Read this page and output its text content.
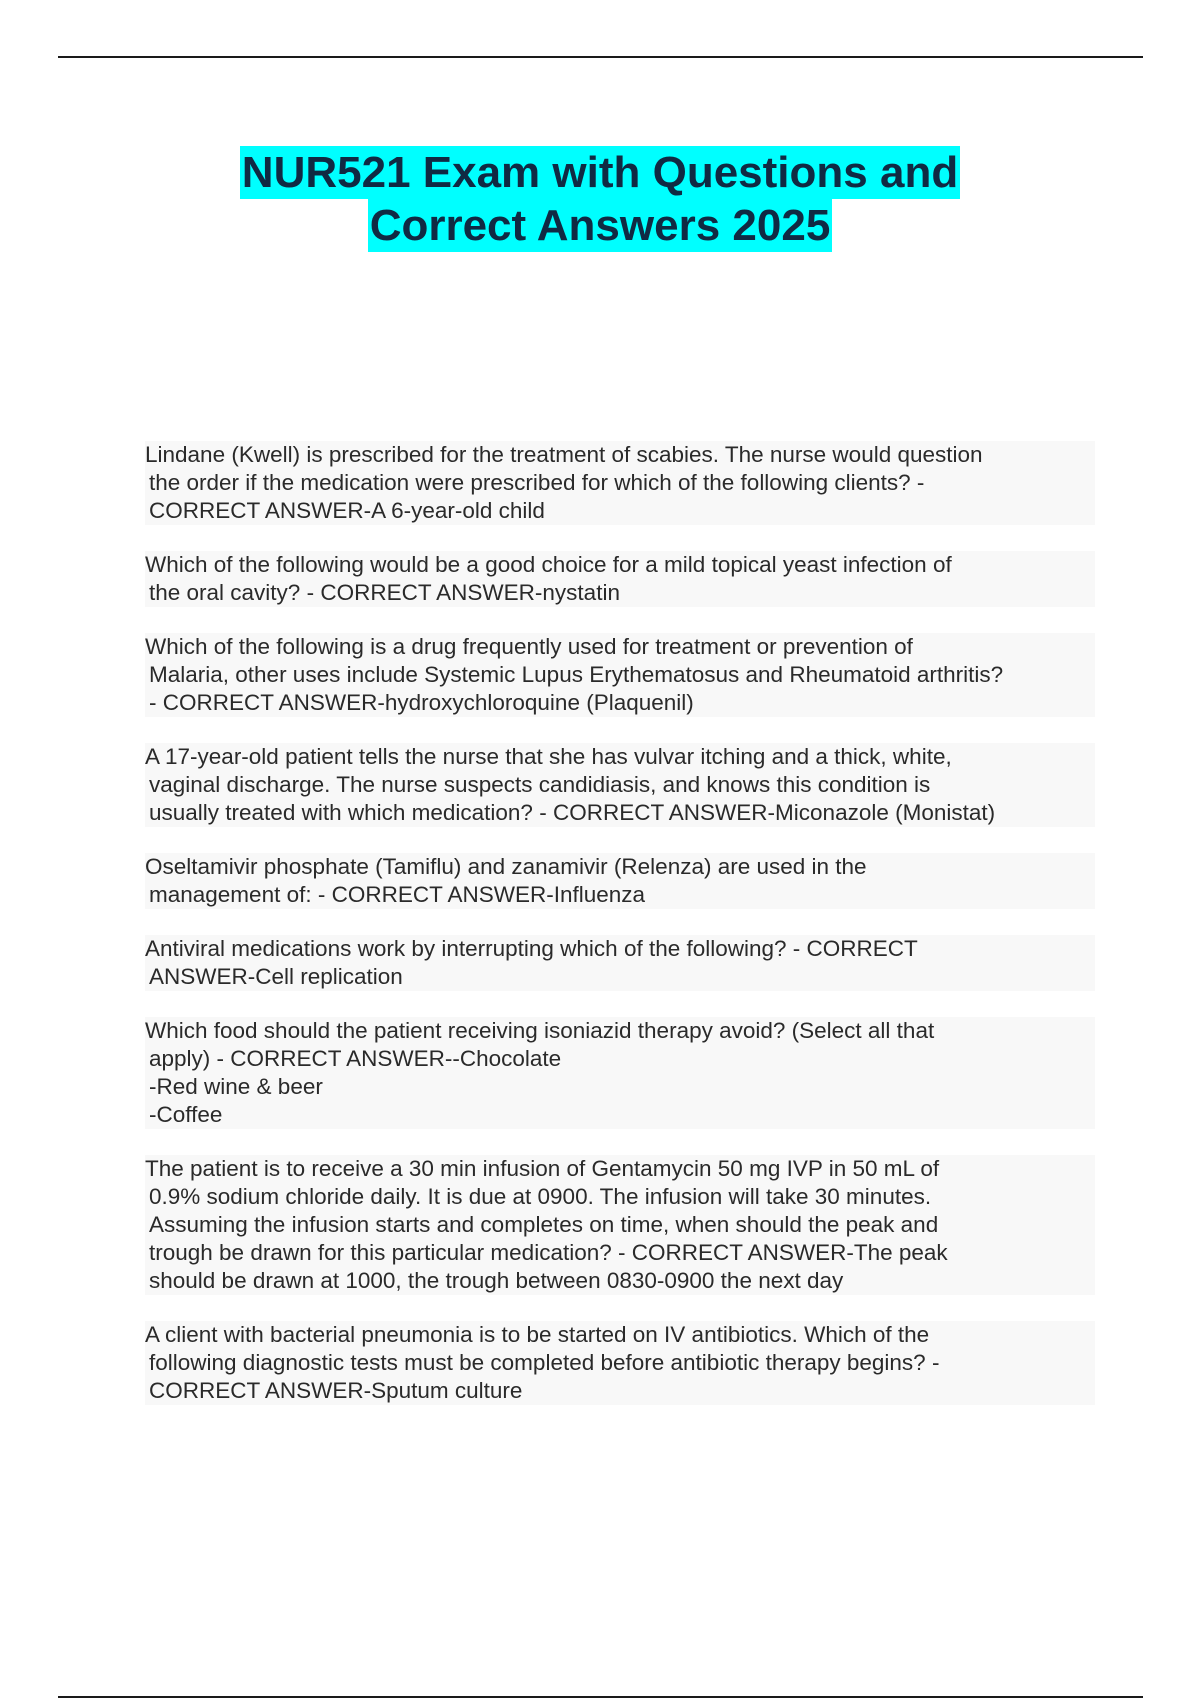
NUR521 Exam with Questions and
Correct Answers 2025
Lindane (Kwell) is prescribed for the treatment of scabies. The nurse would question
the order if the medication were prescribed for which of the following clients? -
CORRECT ANSWER-A 6-year-old child
Which of the following would be a good choice for a mild topical yeast infection of
the oral cavity? - CORRECT ANSWER-nystatin
Which of the following is a drug frequently used for treatment or prevention of
Malaria, other uses include Systemic Lupus Erythematosus and Rheumatoid arthritis?
- CORRECT ANSWER-hydroxychloroquine (Plaquenil)
A 17-year-old patient tells the nurse that she has vulvar itching and a thick, white,
vaginal discharge. The nurse suspects candidiasis, and knows this condition is
usually treated with which medication? - CORRECT ANSWER-Miconazole (Monistat)
Oseltamivir phosphate (Tamiflu) and zanamivir (Relenza) are used in the
management of: - CORRECT ANSWER-Influenza
Antiviral medications work by interrupting which of the following? - CORRECT
ANSWER-Cell replication
Which food should the patient receiving isoniazid therapy avoid? (Select all that
apply) - CORRECT ANSWER--Chocolate
-Red wine & beer
-Coffee
The patient is to receive a 30 min infusion of Gentamycin 50 mg IVP in 50 mL of
0.9% sodium chloride daily. It is due at 0900. The infusion will take 30 minutes.
Assuming the infusion starts and completes on time, when should the peak and
trough be drawn for this particular medication? - CORRECT ANSWER-The peak
should be drawn at 1000, the trough between 0830-0900 the next day
A client with bacterial pneumonia is to be started on IV antibiotics. Which of the
following diagnostic tests must be completed before antibiotic therapy begins? -
CORRECT ANSWER-Sputum culture
